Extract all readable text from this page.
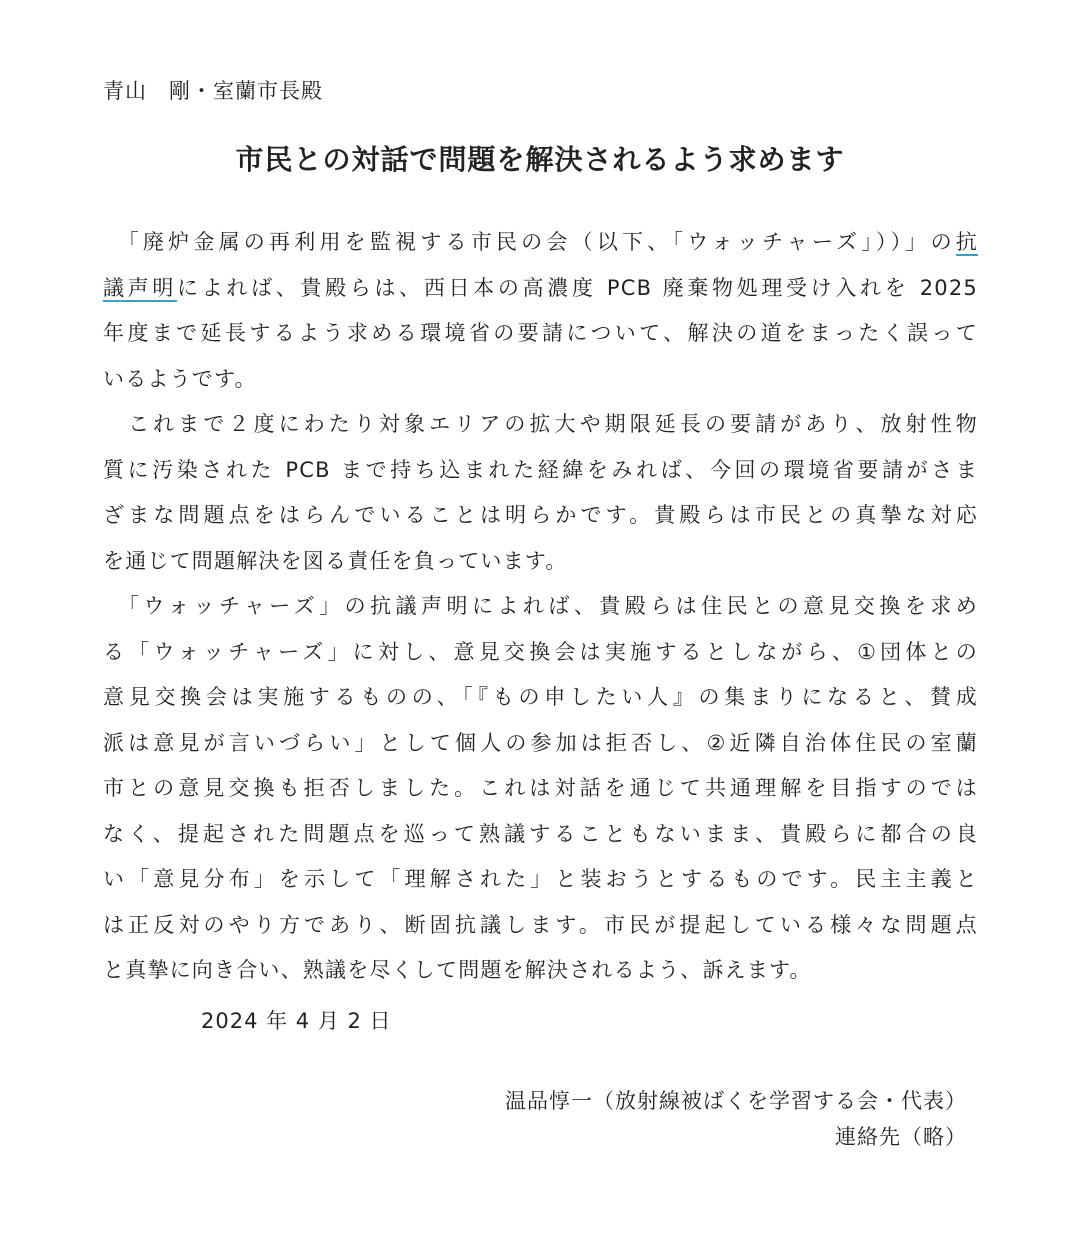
青山　剛・室蘭市長殿

市民との対話で問題を解決されるよう求めます
　「廃炉金属の再利用を監視する市民の会（以下、「ウォッチャーズ」））」の抗
議声明によれば、貴殿らは、西日本の高濃度 PCB 廃棄物処理受け入れを 2025
年度まで延長するよう求める環境省の要請について、解決の道をまったく誤って
いるようです。
　これまで２度にわたり対象エリアの拡大や期限延長の要請があり、放射性物
質に汚染された PCB まで持ち込まれた経緯をみれば、今回の環境省要請がさま
ざまな問題点をはらんでいることは明らかです。貴殿らは市民との真摯な対応
を通じて問題解決を図る責任を負っています。
　「ウォッチャーズ」の抗議声明によれば、貴殿らは住民との意見交換を求め
る「ウォッチャーズ」に対し、意見交換会は実施するとしながら、①団体との
意見交換会は実施するものの、「『もの申したい人』の集まりになると、賛成
派は意見が言いづらい」として個人の参加は拒否し、②近隣自治体住民の室蘭
市との意見交換も拒否しました。これは対話を通じて共通理解を目指すのでは
なく、提起された問題点を巡って熟議することもないまま、貴殿らに都合の良
い「意見分布」を示して「理解された」と装おうとするものです。民主主義と
は正反対のやり方であり、断固抗議します。市民が提起している様々な問題点
と真摯に向き合い、熟議を尽くして問題を解決されるよう、訴えます。

2024 年 4 月 2 日

温品惇一（放射線被ばくを学習する会・代表）

連絡先（略）
